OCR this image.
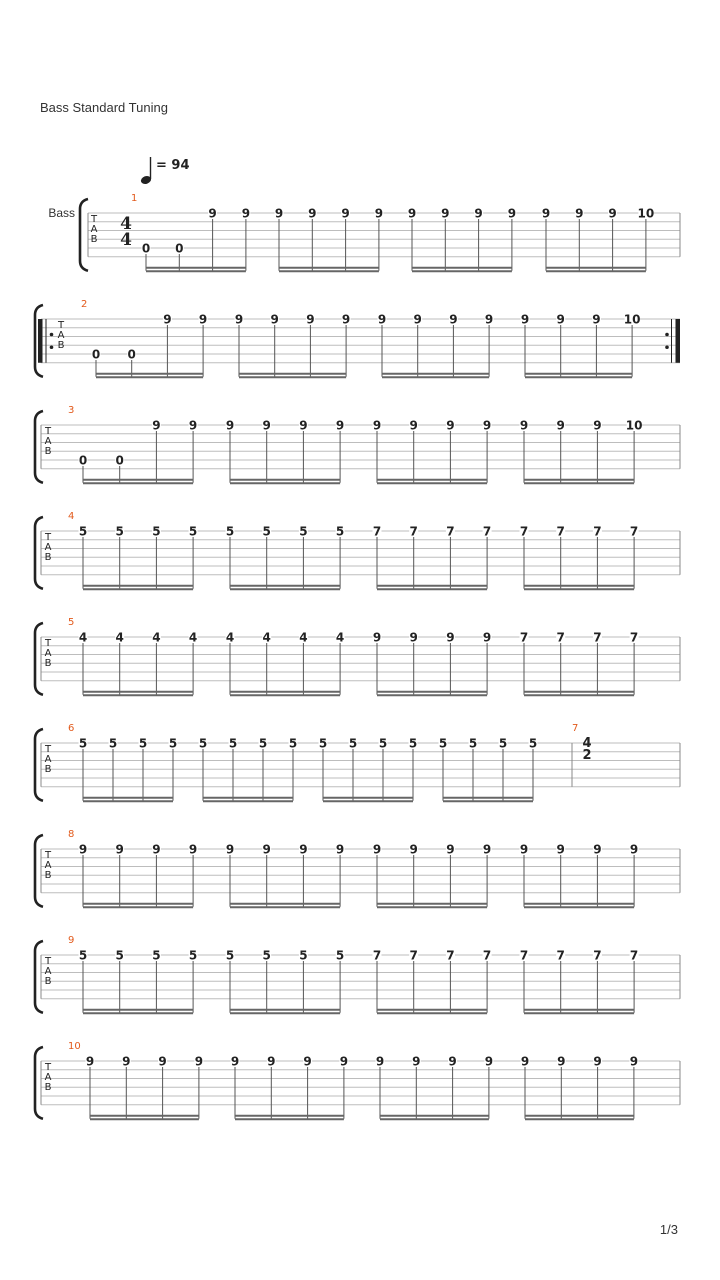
Bass Standard Tuning
= 94
T
A
B
Bass
4
4
1
0 0
9 9 9 9 9 9 9 9 9 9 9 9 9 10
T
A
B
2
0 0
9 9 9 9 9 9 9 9 9 9 9 9 9 10
T
A
B
3
0 0
9 9 9 9 9 9 9 9 9 9 9 9 9 10
T
A
B
4
5 5 5 5 5 5 5 5 7 7 7 7 7 7 7 7
T
A
B
5
4 4 4 4 4 4 4 4 9 9 9 9 7 7 7 7
T
A
B
6
5 5 5 5 5 5 5 5 5 5 5 5 5 5 5 5
7
4
2
T
A
B
8
9 9 9 9 9 9 9 9 9 9 9 9 9 9 9 9
T
A
B
9
5 5 5 5 5 5 5 5 7 7 7 7 7 7 7 7
T
A
B
10
9 9 9 9 9 9 9 9 9 9 9 9 9 9 9 9
1/3
